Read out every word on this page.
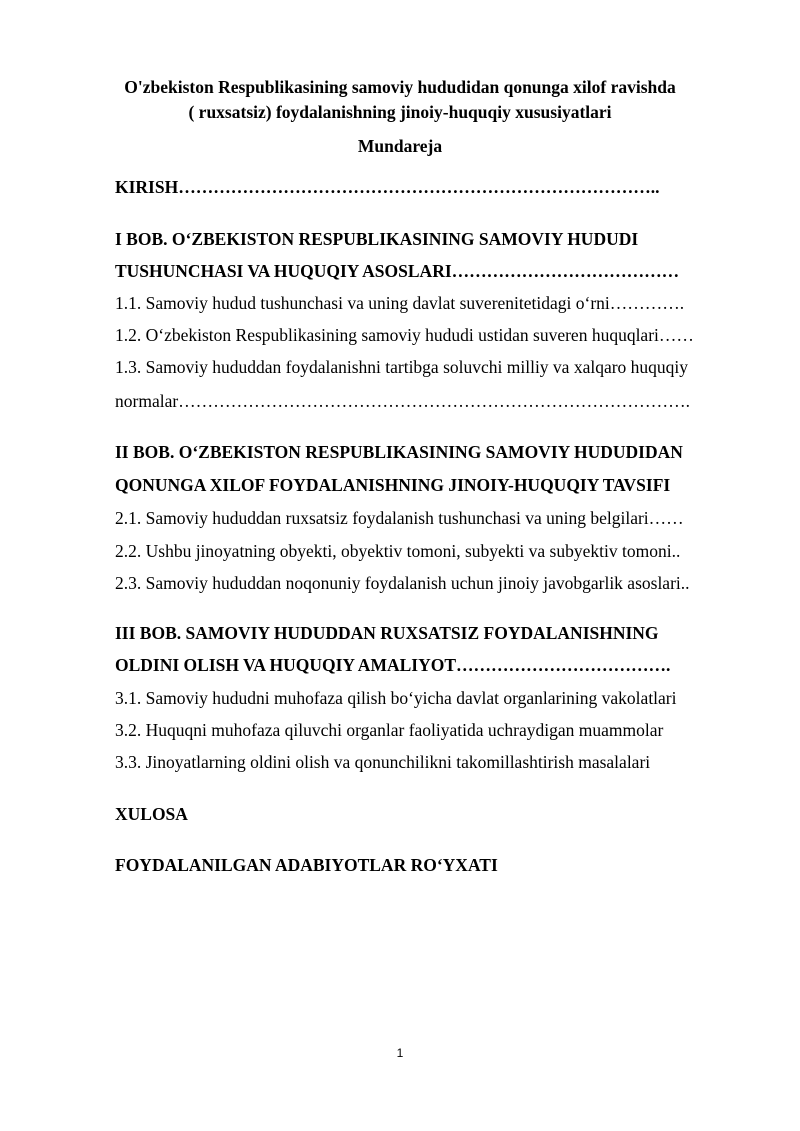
O'zbekiston Respublikasining samoviy hududidan qonunga xilof ravishda
( ruxsatsiz) foydalanishning jinoiy-huquqiy xususiyatlari
Mundareja
KIRISH………………………………………………………………………..
I BOB. O‘ZBEKISTON RESPUBLIKASINING SAMOVIY HUDUDI
TUSHUNCHASI VA HUQUQIY ASOSLARI…………………………………
1.1. Samoviy hudud tushunchasi va uning davlat suverenitetidagi o‘rni………….
1.2. O‘zbekiston Respublikasining samoviy hududi ustidan suveren huquqlari……
1.3. Samoviy hududdan foydalanishni tartibga soluvchi milliy va xalqaro huquqiy
normalar…………………………………………………………………………….
II BOB. O‘ZBEKISTON RESPUBLIKASINING SAMOVIY HUDUDIDAN
QONUNGA XILOF FOYDALANISHNING JINOIY-HUQUQIY TAVSIFI
2.1. Samoviy hududdan ruxsatsiz foydalanish tushunchasi va uning belgilari……
2.2. Ushbu jinoyatning obyekti, obyektiv tomoni, subyekti va subyektiv tomoni..
2.3. Samoviy hududdan noqonuniy foydalanish uchun jinoiy javobgarlik asoslari..
III BOB. SAMOVIY HUDUDDAN RUXSATSIZ FOYDALANISHNING
OLDINI OLISH VA HUQUQIY AMALIYOT……………………………….
3.1. Samoviy hududni muhofaza qilish bo‘yicha davlat organlarining vakolatlari
3.2. Huquqni muhofaza qiluvchi organlar faoliyatida uchraydigan muammolar
3.3. Jinoyatlarning oldini olish va qonunchilikni takomillashtirish masalalari
XULOSA
FOYDALANILGAN ADABIYOTLAR RO‘YXATI
1
